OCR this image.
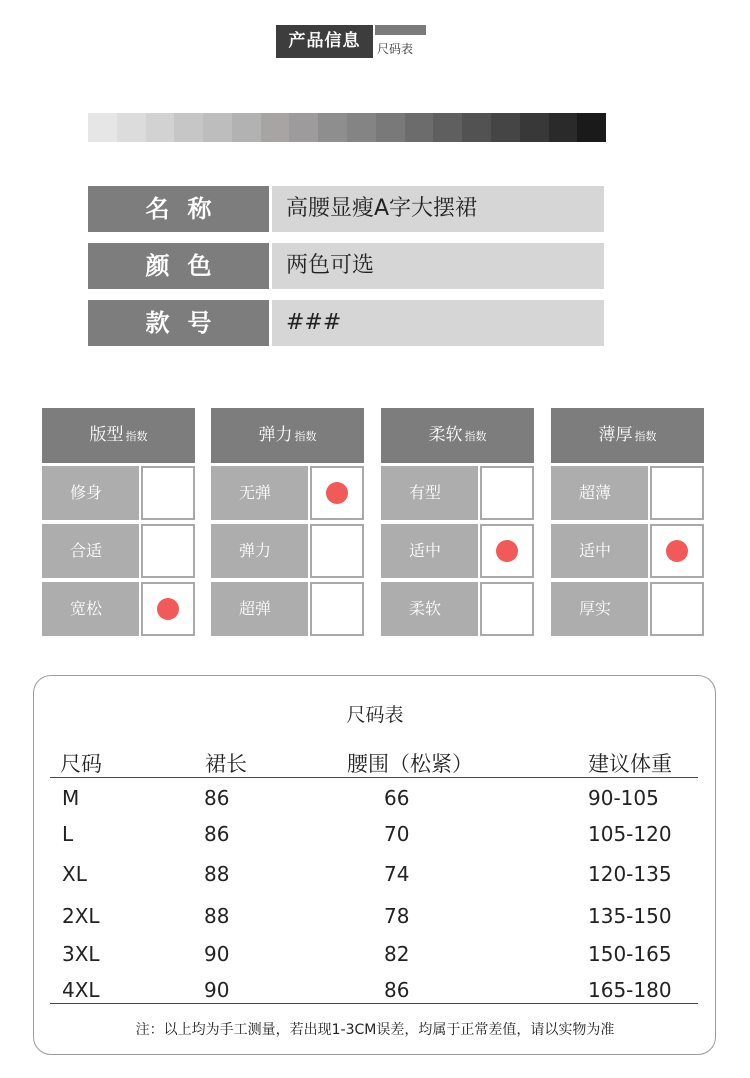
产品信息	尺码表
名称	高腰显瘦A字大摆裙
颜色	两色可选
款号	###
版型 指数
修身
合适
宽松
弹力 指数
无弹
弹力
超弹
柔软 指数
有型
适中
柔软
薄厚 指数
超薄
适中
厚实
尺码表
尺码	裙长	腰围（松紧）	建议体重
M	86	66	90-105
L	86	70	105-120
XL	88	74	120-135
2XL	88	78	135-150
3XL	90	82	150-165
4XL	90	86	165-180
注：以上均为手工测量，若出现1-3CM误差，均属于正常差值，请以实物为准
